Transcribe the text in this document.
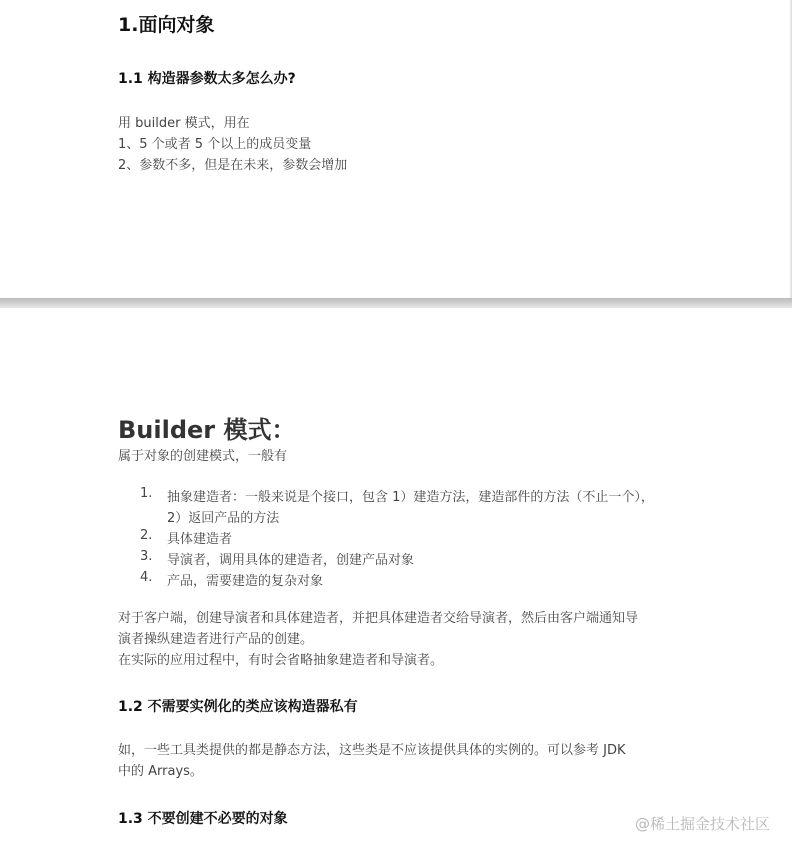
1.面向对象
1.1 构造器参数太多怎么办?
用 builder 模式，用在
1、5 个或者 5 个以上的成员变量
2、参数不多，但是在未来，参数会增加
Builder 模式：
属于对象的创建模式，一般有
1. 抽象建造者：一般来说是个接口，包含 1）建造方法，建造部件的方法（不止一个），
2）返回产品的方法
2. 具体建造者
3. 导演者，调用具体的建造者，创建产品对象
4. 产品，需要建造的复杂对象
对于客户端，创建导演者和具体建造者，并把具体建造者交给导演者，然后由客户端通知导
演者操纵建造者进行产品的创建。
在实际的应用过程中，有时会省略抽象建造者和导演者。
1.2 不需要实例化的类应该构造器私有
如，一些工具类提供的都是静态方法，这些类是不应该提供具体的实例的。可以参考 JDK
中的 Arrays。
1.3 不要创建不必要的对象	@稀土掘金技术社区
